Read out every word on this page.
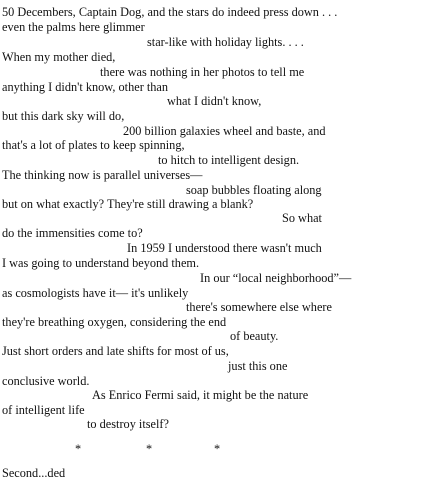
50 Decembers, Captain Dog, and the stars do indeed press down . . .
even the palms here glimmer
star-like with holiday lights. . . .
When my mother died,
there was nothing in her photos to tell me
anything I didn't know, other than
what I didn't know,
but this dark sky will do,
200 billion galaxies wheel and baste, and
that's a lot of plates to keep spinning,
to hitch to intelligent design.
The thinking now is parallel universes—
soap bubbles floating along
but on what exactly? They're still drawing a blank?
So what
do the immensities come to?
In 1959 I understood there wasn't much
I was going to understand beyond them.
In our “local neighborhood”—
as cosmologists have it— it's unlikely
there's somewhere else where
they're breathing oxygen, considering the end
of beauty.
Just short orders and late shifts for most of us,
just this one
conclusive world.
As Enrico Fermi said, it might be the nature
of intelligent life
to destroy itself?
*	*	*
Second...ded
